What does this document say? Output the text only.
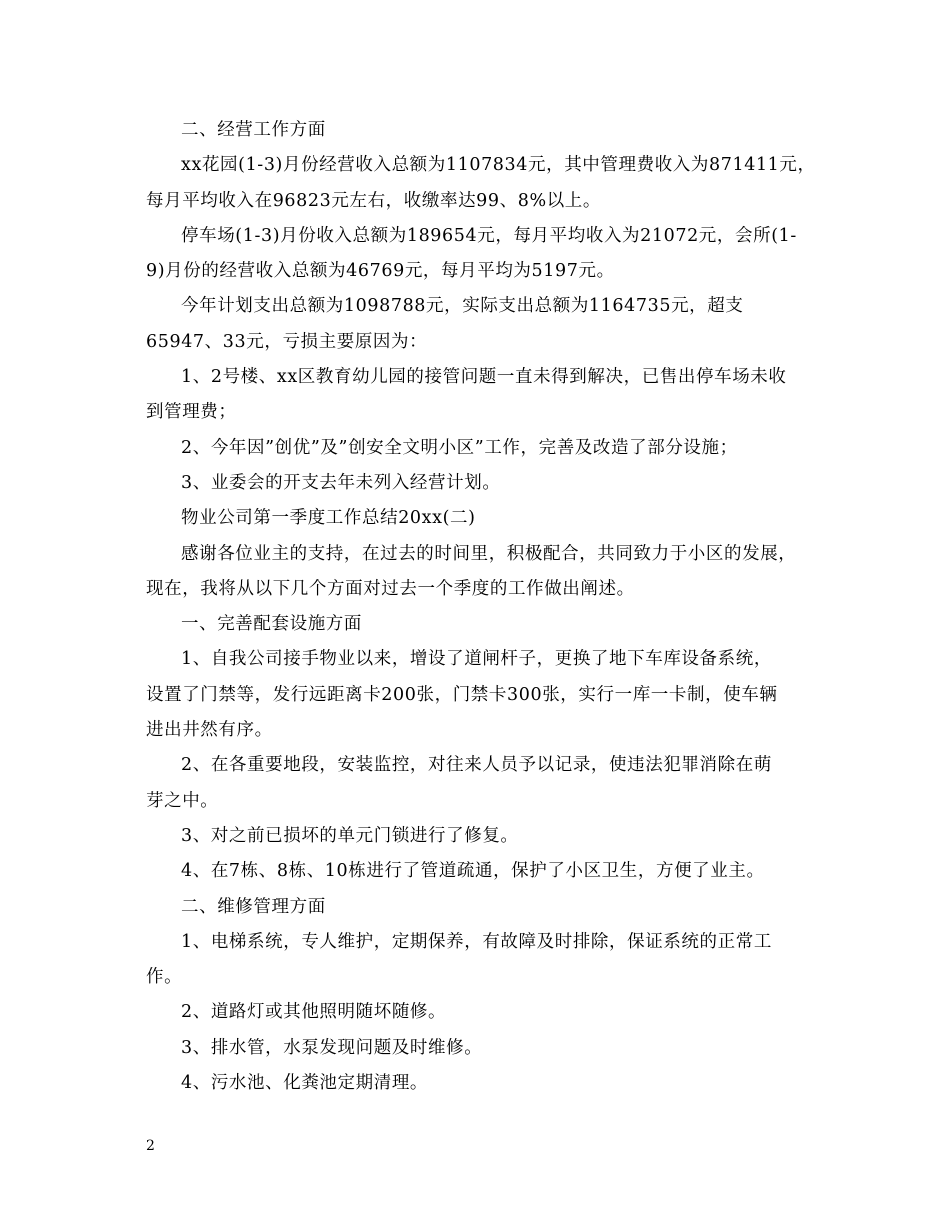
二、经营工作方面
xx花园(1-3)月份经营收入总额为1107834元，其中管理费收入为871411元，
每月平均收入在96823元左右，收缴率达99、8%以上。
停车场(1-3)月份收入总额为189654元，每月平均收入为21072元，会所(1-
9)月份的经营收入总额为46769元，每月平均为5197元。
今年计划支出总额为1098788元，实际支出总额为1164735元，超支
65947、33元，亏损主要原因为：
1、2号楼、xx区教育幼儿园的接管问题一直未得到解决，已售出停车场未收
到管理费；
2、今年因”创优”及”创安全文明小区”工作，完善及改造了部分设施；
3、业委会的开支去年未列入经营计划。
物业公司第一季度工作总结20xx(二)
感谢各位业主的支持，在过去的时间里，积极配合，共同致力于小区的发展，
现在，我将从以下几个方面对过去一个季度的工作做出阐述。
一、完善配套设施方面
1、自我公司接手物业以来，增设了道闸杆子，更换了地下车库设备系统，
设置了门禁等，发行远距离卡200张，门禁卡300张，实行一库一卡制，使车辆
进出井然有序。
2、在各重要地段，安装监控，对往来人员予以记录，使违法犯罪消除在萌
芽之中。
3、对之前已损坏的单元门锁进行了修复。
4、在7栋、8栋、10栋进行了管道疏通，保护了小区卫生，方便了业主。
二、维修管理方面
1、电梯系统，专人维护，定期保养，有故障及时排除，保证系统的正常工
作。
2、道路灯或其他照明随坏随修。
3、排水管，水泵发现问题及时维修。
4、污水池、化粪池定期清理。
2
